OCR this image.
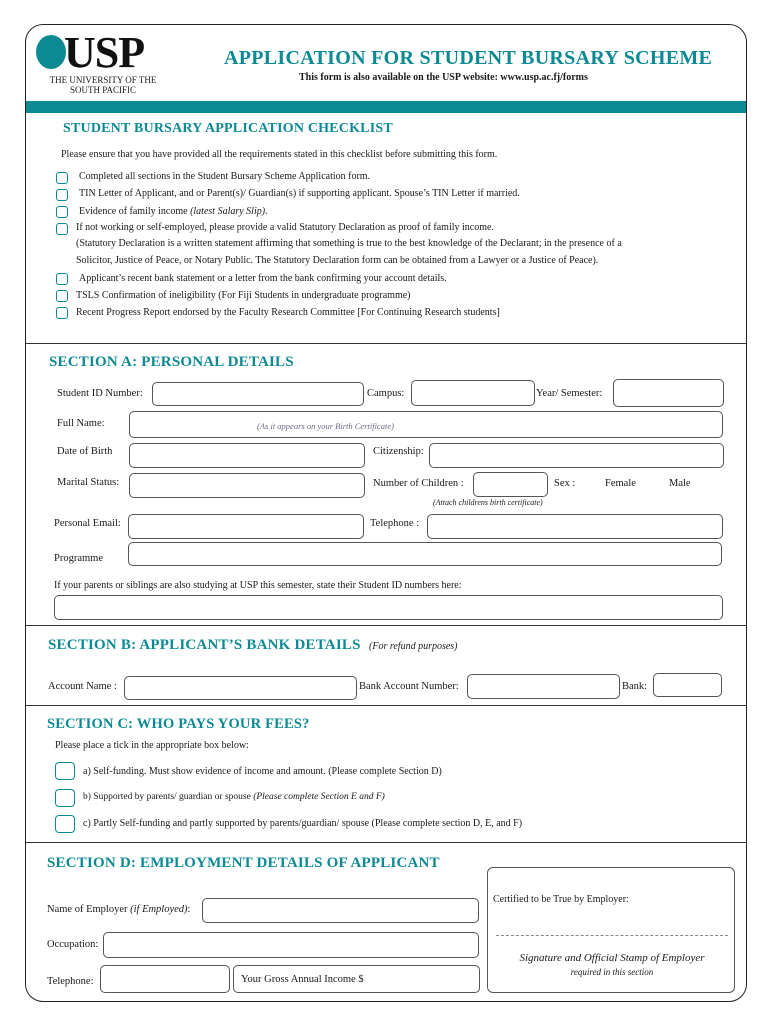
USP
THE UNIVERSITY OF THE
SOUTH PACIFIC
APPLICATION FOR STUDENT BURSARY SCHEME
This form is also available on the USP website: www.usp.ac.fj/forms
STUDENT BURSARY APPLICATION CHECKLIST
Please ensure that you have provided all the requirements stated in this checklist before submitting this form.
Completed all sections in the Student Bursary Scheme Application form.
TIN Letter of Applicant, and or Parent(s)/ Guardian(s) if supporting applicant. Spouse’s TIN Letter if married.
Evidence of family income (latest Salary Slip).
If not working or self-employed, please provide a valid Statutory Declaration as proof of family income.
(Statutory Declaration is a written statement affirming that something is true to the best knowledge of the Declarant; in the presence of a
Solicitor, Justice of Peace, or Notary Public. The Statutory Declaration form can be obtained from a Lawyer or a Justice of Peace).
Applicant’s recent bank statement or a letter from the bank confirming your account details.
TSLS Confirmation of ineligibility (For Fiji Students in undergraduate programme)
Recent Progress Report endorsed by the Faculty Research Committee [For Continuing Research students]
SECTION A: PERSONAL DETAILS
Student ID Number:	Campus:	Year/ Semester:
Full Name:	(As it appears on your Birth Certificate)
Date of Birth	Citizenship:
Marital Status:	Number of Children :
(Attach childrens birth certificate)
Sex :	Female	Male
Personal Email:	Telephone :
Programme
If your parents or siblings are also studying at USP this semester, state their Student ID numbers here:
SECTION B: APPLICANT’S BANK DETAILS (For refund purposes)
Account Name :	Bank Account Number:	Bank:
SECTION C: WHO PAYS YOUR FEES?
Please place a tick in the appropriate box below:
a) Self-funding. Must show evidence of income and amount. (Please complete Section D)
b) Supported by parents/ guardian or spouse (Please complete Section E and F)
c) Partly Self-funding and partly supported by parents/guardian/ spouse (Please complete section D, E, and F)
SECTION D: EMPLOYMENT DETAILS OF APPLICANT
Name of Employer (if Employed):
Occupation:
Telephone:	Your Gross Annual Income $
Certified to be True by Employer:
Signature and Official Stamp of Employer
required in this section
